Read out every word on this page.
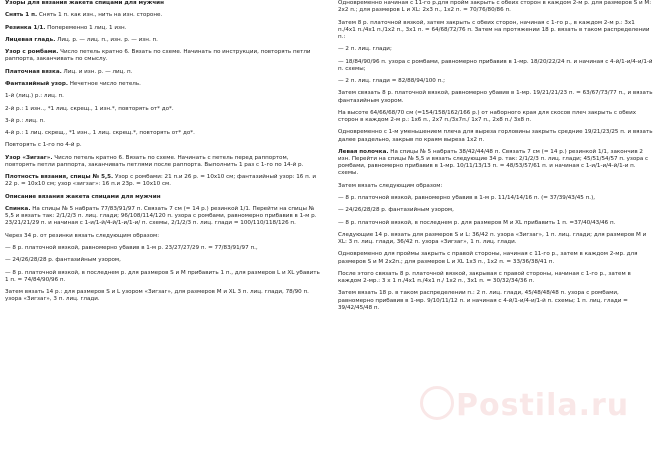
Узоры для вязания жакета спицами для мужчин

Снять 1 п. Снять 1 п. как изн., нить на изн. стороне.

Резинка 1/1. Попеременно 1 лиц. 1 изн.

Лицевая гладь. Лиц. р. — лиц. п., изн. р. — изн. п.

Узор с ромбами. Число петель кратно 6. Вязать по схеме. Начинать по инструкции, повторять петли раппорта, заканчивать по смыслу.

Платочная вязка. Лиц. и изн. р. — лиц. п.

Фантазийный узор. Нечетное число петель.

1-й (лиц.) р.: лиц. п.

2-й р.: 1 изн.., *1 лиц. скрещ., 1 изн.*, повторять от* до*.

3-й р.: лиц. п.

4-й р.: 1 лиц. скрещ., *1 изн., 1 лиц. скрещ.*, повторять от* до*.

Повторять с 1-го по 4-й р.

Узор «Зигзаг». Число петель кратно 6. Вязать по схеме. Начинать с петель перед раппортом, повторять петли раппорта, заканчивать петлями после раппорта. Выполнить 1 раз с 1-го по 14-й р.

Плотность вязания, спицы № 5,5. Узор с ромбами: 21 п.и 26 р. = 10х10 см; фантазийный узор: 16 п. и 22 р. = 10х10 см; узор «зигзаг»: 16 п.и 23р. = 10х10 см.

Описание вязания жакета спицами для мужчин

Спинка. На спицы № 5 набрать 77/83/91/97 п. Связать 7 см (= 14 р.) резинкой 1/1. Перейти на спицы № 5,5 и вязать так: 2/1/2/3 п. лиц. глади; 96/108/114/120 п. узора с ромбами, равномерно прибавив в 1-м р. 23/21/21/29 п. и начиная с 1-и/1-й/4-й/1-и/1-и/ п. схемы, 2/1/2/3 п. лиц. глади = 100/110/118/126 п.

Через 34 р. от резинки вязать следующим образом:

— 8 р. платочной вязкой, равномерно убавив в 1-м р. 23/27/27/29 п. = 77/83/91/97 п.,

— 24/26/28/28 р. фантазийным узором,

— 8 р. платочной вязкой, в последнем р. для размеров S и M прибавить 1 п., для размеров L и XL убавить 1 п. = 74/84/90/96 п.

Затем вязать 14 р.: для размеров S и L узором «Зигзаг», для размеров M и XL 3 п. лиц. глади, 78/90 п. узора «Зигзаг», 3 п. лиц. глади.

Одновременно начиная с 11-го р.для пройм закрыть с обеих сторон в каждом 2-м р. для размеров S и M: 2х2 п.; для размеров L и XL: 2х3 п., 1х2 п. = 70/76/80/86 п.

Затем 8 р. платочной вязкой, затем закрыть с обеих сторон, начиная с 1-го р., в каждом 2-м р.: 3х1 п./4х1 п./4х1 п./1х2 п., 3х1 п. = 64/68/72/76 п. Затем на протяжении 18 р. вязать в таком распределении п.:

— 2 п. лиц. глади;

— 18/84/90/96 п. узора с ромбами, равномерно прибавив в 1-мр. 18/20/22/24 п. и начиная с 4-й/1-и/4-и/1-й п. схемы;

— 2 п. лиц. глади = 82/88/94/100 п.;

Затем связать 8 р. платочной вязкой, равномерно убавив в 1-мр. 19/21/21/23 п. = 63/67/73/77 п., и вязать фантазийным узором.

На высоте 64/66/68/70 см (=154/158/162/166 р.) от наборного края для скосов плеч закрыть с обеих сторон в каждом 2-м р.: 1х6 п., 2х7 п./3х7п./ 1х7 п., 2х8 п./ 3х8 п.

Одновременно с 1-м уменьшением плеча для выреза горловины закрыть средние 19/21/23/25 п. и вязать далее раздельно, закрыв по краям выреза 1х2 п.

Левая полочка. На спицы № 5 набрать 38/42/44/48 п. Связать 7 см (= 14 р.) резинкой 1/1, закончив 2 изн. Перейти на спицы № 5,5 и вязать следующие 34 р. так: 2/1/2/3 п. лиц. глади; 45/51/54/57 п. узора с ромбами, равномерно прибавив в 1-мр. 10/11/13/13 п. = 48/53/57/61 п. и начиная с 1-и/1-и/4-й/1-и п. схемы.

Затем вязать следующим образом:

— 8 р. платочной вязкой, равномерно убавив в 1-м р. 11/14/14/16 п. (= 37/39/43/45 п.),

— 24/26/28/28 р. фантазийным узором,

— 8 р. платочной вязкой, в последнем р. для размеров M и XL прибавить 1 п. =37/40/43/46 п.

Следующие 14 р. вязать для размеров S и L: 36/42 п. узора «Зигзаг», 1 п. лиц. глади; для размеров M и XL: 3 п. лиц. глади, 36/42 п. узора «Зигзаг», 1 п. лиц. глади.

Одновременно для проймы закрыть с правой стороны, начиная с 11-го р., затем в каждом 2-мр. для размеров S и M 2х2п.; для размеров L и XL 1х3 п., 1х2 п. = 33/36/38/41 п.

После этого связать 8 р. платочной вязкой, закрывая с правой стороны, начиная с 1-го р., затем в каждом 2-мр.: 3 х 1 п./4х1 п./4х1 п./ 1х2 п., 3х1 п. = 30/32/34/36 п.

Затем вязать 18 р. в таком распределении п.: 2 п. лиц. глади, 45/48/48/48 п. узора с ромбами, равномерно прибавив в 1-мр. 9/10/11/12 п. и начиная с 4-й/1-и/4-и/1-й п. схемы; 1 п. лиц. глади = 39/42/45/48 п.

Postila.ru
